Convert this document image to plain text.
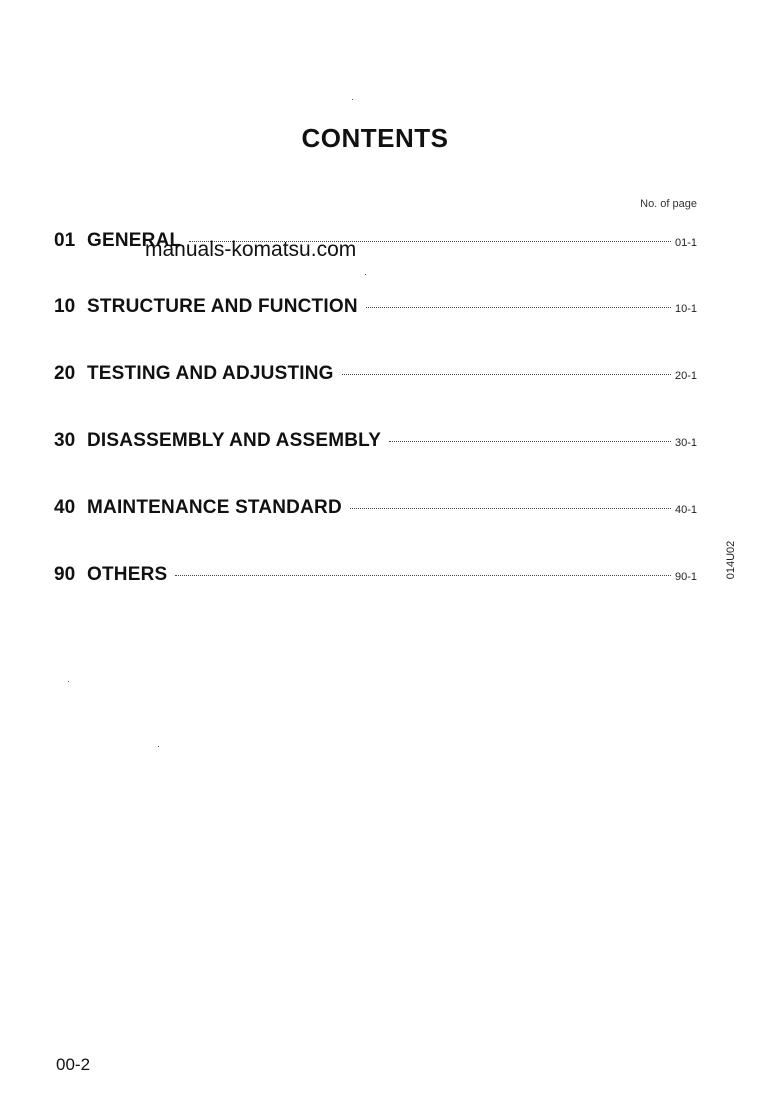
CONTENTS
No. of page
01 GENERAL	01-1
10 STRUCTURE AND FUNCTION	10-1
20 TESTING AND ADJUSTING	20-1
30 DISASSEMBLY AND ASSEMBLY	30-1
40 MAINTENANCE STANDARD	40-1
90 OTHERS	90-1
manuals-komatsu.com
014U02
00-2
